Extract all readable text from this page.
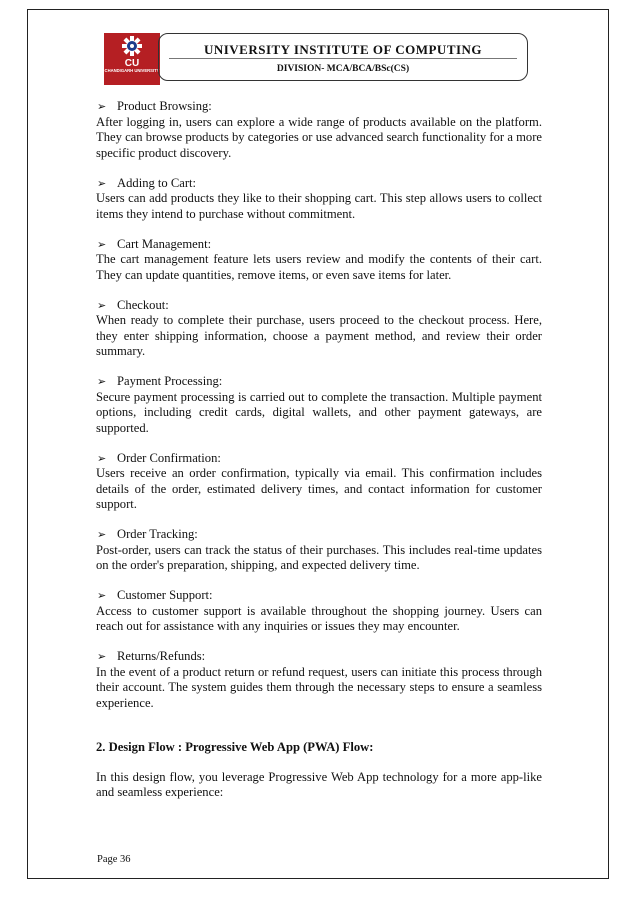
CU
CHANDIGARH UNIVERSITY
UNIVERSITY INSTITUTE OF COMPUTING
DIVISION- MCA/BCA/BSc(CS)
➢ Product Browsing:
After logging in, users can explore a wide range of products available on the platform. They can browse products by categories or use advanced search functionality for a more specific product discovery.
➢ Adding to Cart:
Users can add products they like to their shopping cart. This step allows users to collect items they intend to purchase without commitment.
➢ Cart Management:
The cart management feature lets users review and modify the contents of their cart. They can update quantities, remove items, or even save items for later.
➢ Checkout:
When ready to complete their purchase, users proceed to the checkout process. Here, they enter shipping information, choose a payment method, and review their order summary.
➢ Payment Processing:
Secure payment processing is carried out to complete the transaction. Multiple payment options, including credit cards, digital wallets, and other payment gateways, are supported.
➢ Order Confirmation:
Users receive an order confirmation, typically via email. This confirmation includes details of the order, estimated delivery times, and contact information for customer support.
➢ Order Tracking:
Post-order, users can track the status of their purchases. This includes real-time updates on the order's preparation, shipping, and expected delivery time.
➢ Customer Support:
Access to customer support is available throughout the shopping journey. Users can reach out for assistance with any inquiries or issues they may encounter.
➢ Returns/Refunds:
In the event of a product return or refund request, users can initiate this process through their account. The system guides them through the necessary steps to ensure a seamless experience.
2. Design Flow : Progressive Web App (PWA) Flow:
In this design flow, you leverage Progressive Web App technology for a more app-like and seamless experience:
Page 36
